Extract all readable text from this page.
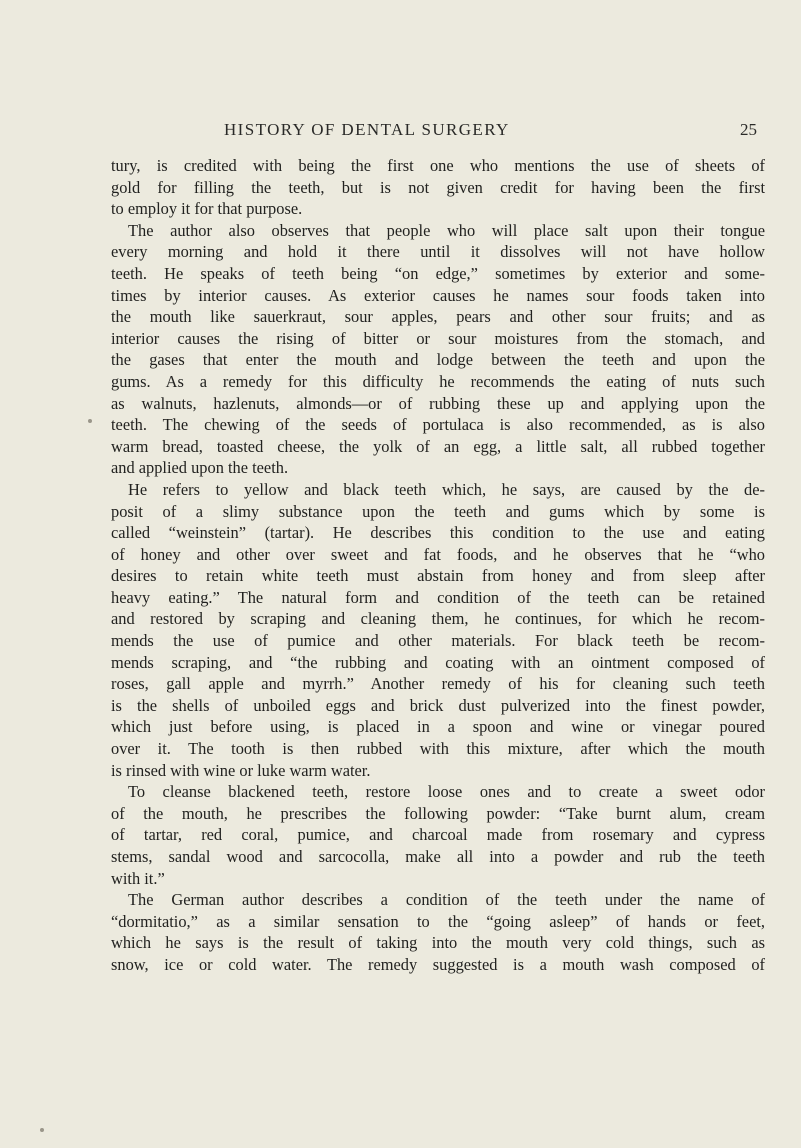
HISTORY OF DENTAL SURGERY	25
tury, is credited with being the first one who mentions the use of sheets of
gold for filling the teeth, but is not given credit for having been the first
to employ it for that purpose.
The author also observes that people who will place salt upon their tongue
every morning and hold it there until it dissolves will not have hollow
teeth. He speaks of teeth being “on edge,” sometimes by exterior and some-
times by interior causes. As exterior causes he names sour foods taken into
the mouth like sauerkraut, sour apples, pears and other sour fruits; and as
interior causes the rising of bitter or sour moistures from the stomach, and
the gases that enter the mouth and lodge between the teeth and upon the
gums. As a remedy for this difficulty he recommends the eating of nuts such
as walnuts, hazlenuts, almonds—or of rubbing these up and applying upon the
teeth. The chewing of the seeds of portulaca is also recommended, as is also
warm bread, toasted cheese, the yolk of an egg, a little salt, all rubbed together
and applied upon the teeth.
He refers to yellow and black teeth which, he says, are caused by the de-
posit of a slimy substance upon the teeth and gums which by some is
called “weinstein” (tartar). He describes this condition to the use and eating
of honey and other over sweet and fat foods, and he observes that he “who
desires to retain white teeth must abstain from honey and from sleep after
heavy eating.” The natural form and condition of the teeth can be retained
and restored by scraping and cleaning them, he continues, for which he recom-
mends the use of pumice and other materials. For black teeth be recom-
mends scraping, and “the rubbing and coating with an ointment composed of
roses, gall apple and myrrh.” Another remedy of his for cleaning such teeth
is the shells of unboiled eggs and brick dust pulverized into the finest powder,
which just before using, is placed in a spoon and wine or vinegar poured
over it. The tooth is then rubbed with this mixture, after which the mouth
is rinsed with wine or luke warm water.
To cleanse blackened teeth, restore loose ones and to create a sweet odor
of the mouth, he prescribes the following powder: “Take burnt alum, cream
of tartar, red coral, pumice, and charcoal made from rosemary and cypress
stems, sandal wood and sarcocolla, make all into a powder and rub the teeth
with it.”
The German author describes a condition of the teeth under the name of
“dormitatio,” as a similar sensation to the “going asleep” of hands or feet,
which he says is the result of taking into the mouth very cold things, such as
snow, ice or cold water. The remedy suggested is a mouth wash composed of
